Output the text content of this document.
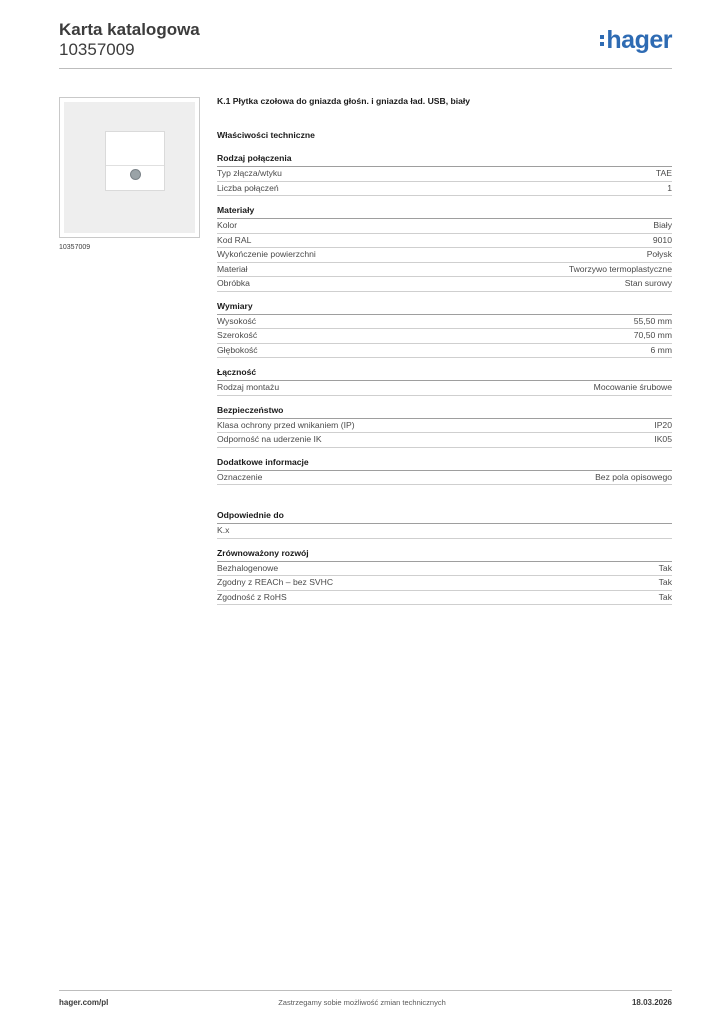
Karta katalogowa
10357009	hager
10357009
K.1 Płytka czołowa do gniazda głośn. i gniazda ład. USB, biały
Właściwości techniczne
Rodzaj połączenia
Typ złącza/wtyku	TAE
Liczba połączeń	1
Materiały
Kolor	Biały
Kod RAL	9010
Wykończenie powierzchni	Połysk
Materiał	Tworzywo termoplastyczne
Obróbka	Stan surowy
Wymiary
Wysokość	55,50 mm
Szerokość	70,50 mm
Głębokość	6 mm
Łączność
Rodzaj montażu	Mocowanie śrubowe
Bezpieczeństwo
Klasa ochrony przed wnikaniem (IP)	IP20
Odporność na uderzenie IK	IK05
Dodatkowe informacje
Oznaczenie	Bez pola opisowego
Odpowiednie do
K.x
Zrównoważony rozwój
Bezhalogenowe	Tak
Zgodny z REACh – bez SVHC	Tak
Zgodność z RoHS	Tak
hager.com/pl	Zastrzegamy sobie możliwość zmian technicznych	18.03.2026
